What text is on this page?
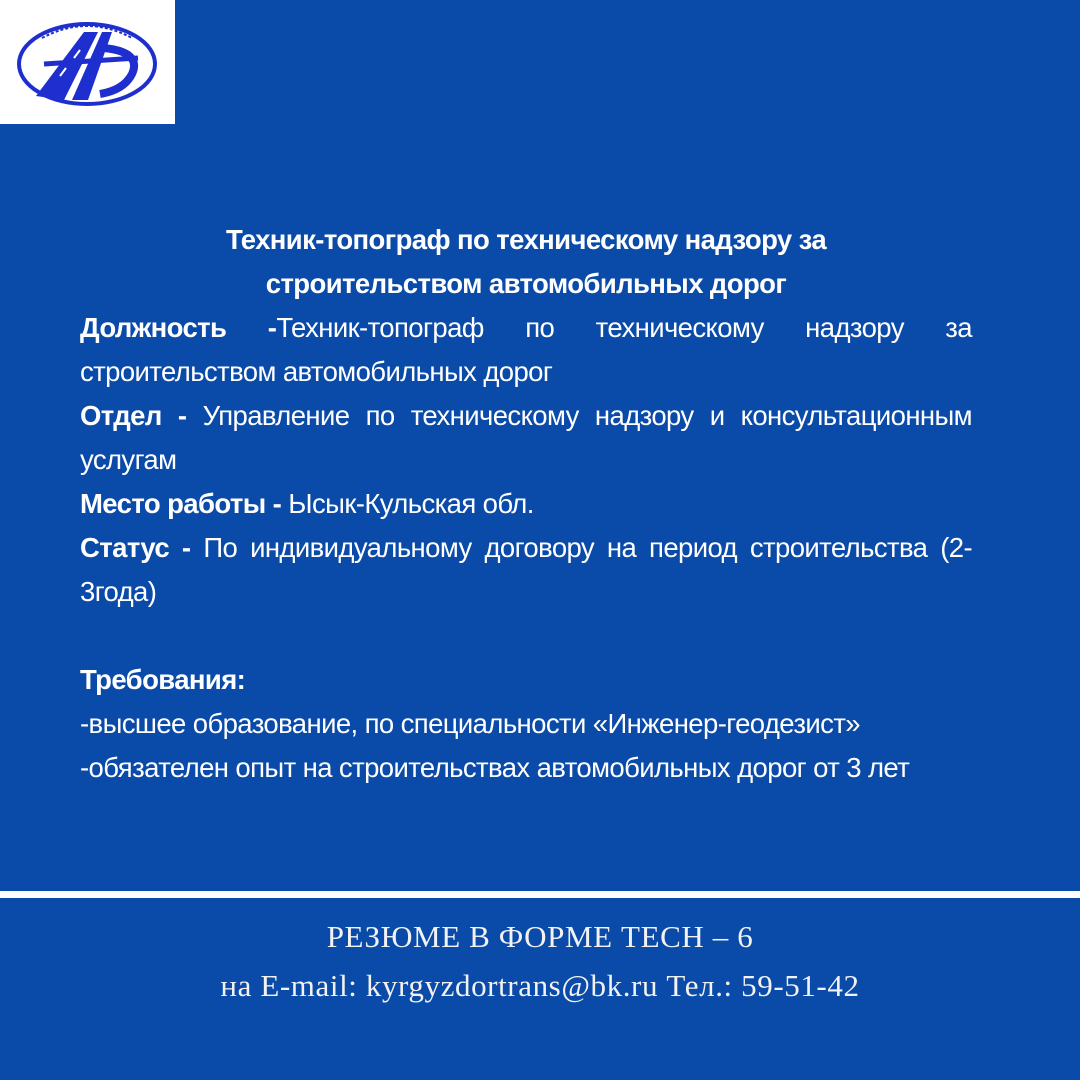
Техник-топограф по техническому надзору за строительством автомобильных дорог

Должность -Техник-топограф по техническому надзору за строительством автомобильных дорог

Отдел - Управление по техническому надзору и консультационным услугам

Место работы - Ысык-Кульская обл.

Статус - По индивидуальному договору на период строительства (2-3года)

Требования:

-высшее образование, по специальности «Инженер-геодезист»

-обязателен опыт на строительствах автомобильных дорог от 3 лет

РЕЗЮМЕ В ФОРМЕ TECH – 6
на E-mail: kyrgyzdortrans@bk.ru Тел.: 59-51-42
